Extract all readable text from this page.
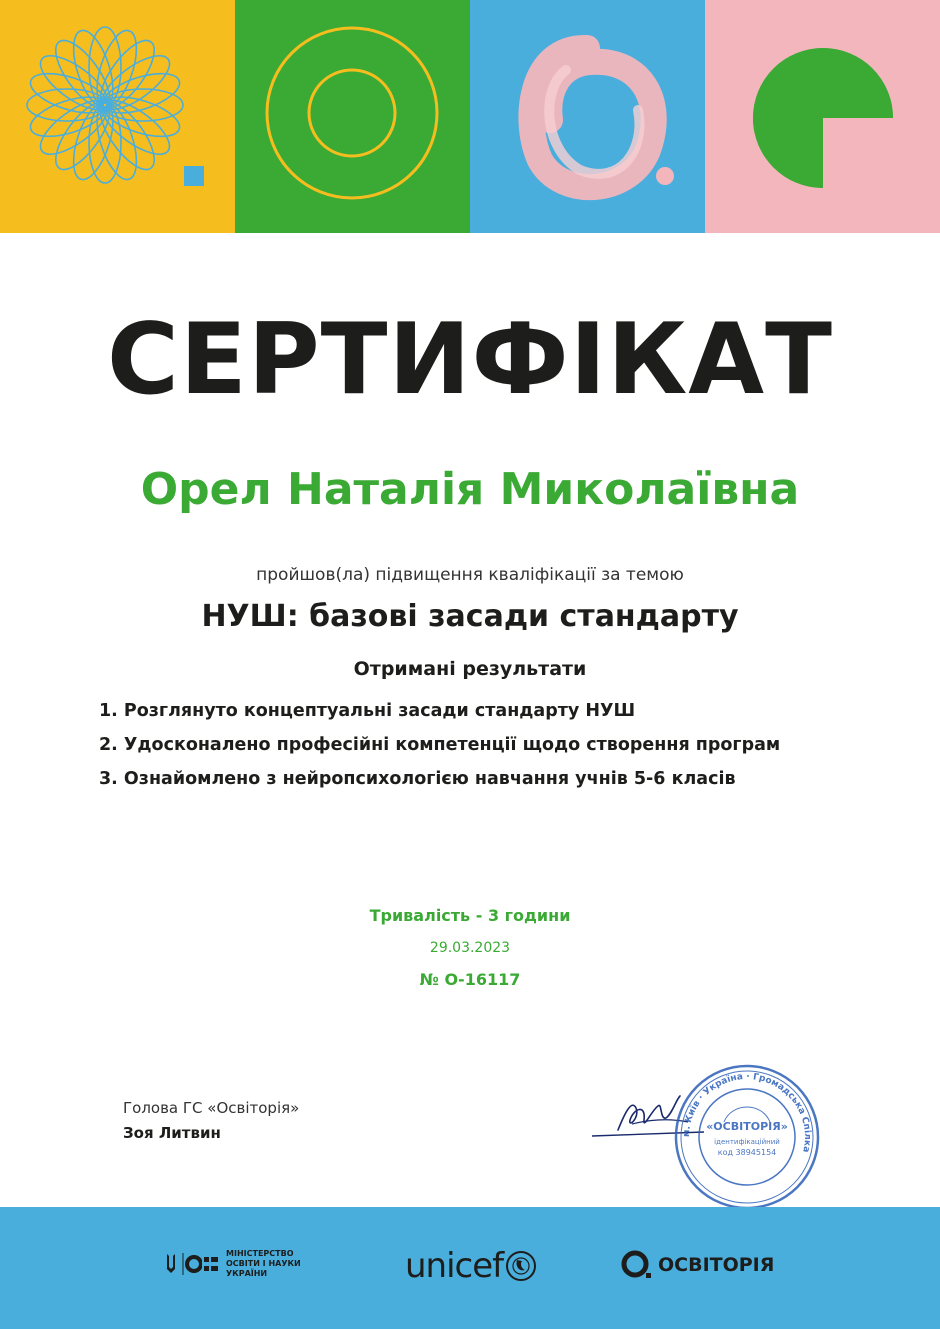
СЕРТИФІКАТ
Орел Наталія Миколаївна
пройшов(ла) підвищення кваліфікації за темою
НУШ: базові засади стандарту
Отримані результати
1. Розглянуто концептуальні засади стандарту НУШ
2. Удосконалено професійні компетенції щодо створення програм
3. Ознайомлено з нейропсихологією навчання учнів 5-6 класів
Тривалість - 3 години
29.03.2023
№ О-16117
Голова ГС «Освіторія»
Зоя Литвин	м. Київ · Україна · Громадська Спілка
«ОСВІТОРІЯ»
ідентифікаційний
код 38945154
МІНІСТЕРСТВО ОСВІТИ І НАУКИ УКРАЇНИ	unicef	ОСВІТОРІЯ
